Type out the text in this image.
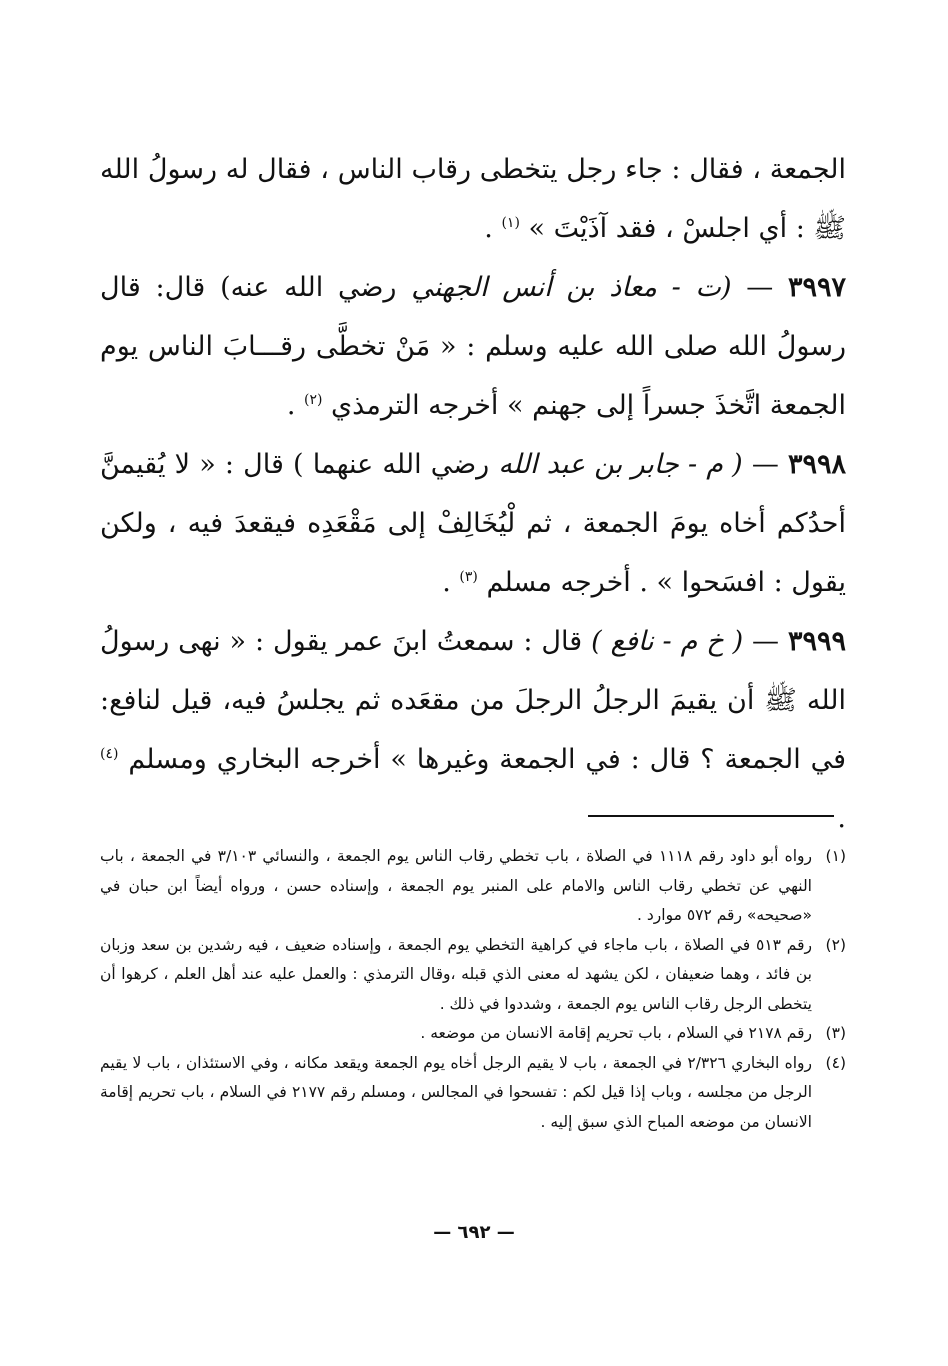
الجمعة ، فقال : جاء رجل يتخطى رقاب الناس ، فقال له رسولُ الله ﷺ : أي اجلسْ ، فقد آذَيْتَ » $^{(١)}$ .

٣٩٩٧ — (ت - معاذ بن أنس الجهني رضي الله عنه) قال: قال رسولُ الله صلى الله عليه وسلم : « مَنْ تخطَّى رقـــابَ الناس يوم الجمعة اتَّخذَ جسراً إلى جهنم » أخرجه الترمذي $^{(٢)}$ .

٣٩٩٨ — ( م - جابر بن عبد الله رضي الله عنهما ) قال : « لا يُقيمنَّ أحدُكم أخاه يومَ الجمعة ، ثم لْيُخَالِفْ إلى مَقْعَدِه فيقعدَ فيه ، ولكن يقول : افسَحوا » . أخرجه مسلم $^{(٣)}$ .

٣٩٩٩ — ( خ م - نافع ) قال : سمعتُ ابنَ عمر يقول : « نهى رسولُ الله ﷺ أن يقيمَ الرجلُ الرجلَ من مقعَده ثم يجلسُ فيه، قيل لنافع: في الجمعة ؟ قال : في الجمعة وغيرها » أخرجه البخاري ومسلم $^{(٤)}$ .

(١)
رواه أبو داود رقم ١١١٨ في الصلاة ، باب تخطي رقاب الناس يوم الجمعة ، والنسائي ٣/١٠٣ في الجمعة ، باب النهي عن تخطي رقاب الناس والامام على المنبر يوم الجمعة ، وإسناده حسن ، ورواه أيضاً ابن حبان في «صحيحه» رقم ٥٧٢ موارد .

(٢)
رقم ٥١٣ في الصلاة ، باب ماجاء في كراهية التخطي يوم الجمعة ، وإسناده ضعيف ، فيه رشدين بن سعد وزبان بن فائد ، وهما ضعيفان ، لكن يشهد له معنى الذي قبله ،وقال الترمذي : والعمل عليه عند أهل العلم ، كرهوا أن يتخطى الرجل رقاب الناس يوم الجمعة ، وشددوا في ذلك .

(٣)
رقم ٢١٧٨ في السلام ، باب تحريم إقامة الانسان من موضعه .

(٤)
رواه البخاري ٢/٣٢٦ في الجمعة ، باب لا يقيم الرجل أخاه يوم الجمعة ويقعد مكانه ، وفي الاستئذان ، باب لا يقيم الرجل من مجلسه ، وباب إذا قيل لكم : تفسحوا في المجالس ، ومسلم رقم ٢١٧٧ في السلام ، باب تحريم إقامة الانسان من موضعه المباح الذي سبق إليه .

— ٦٩٢ —
